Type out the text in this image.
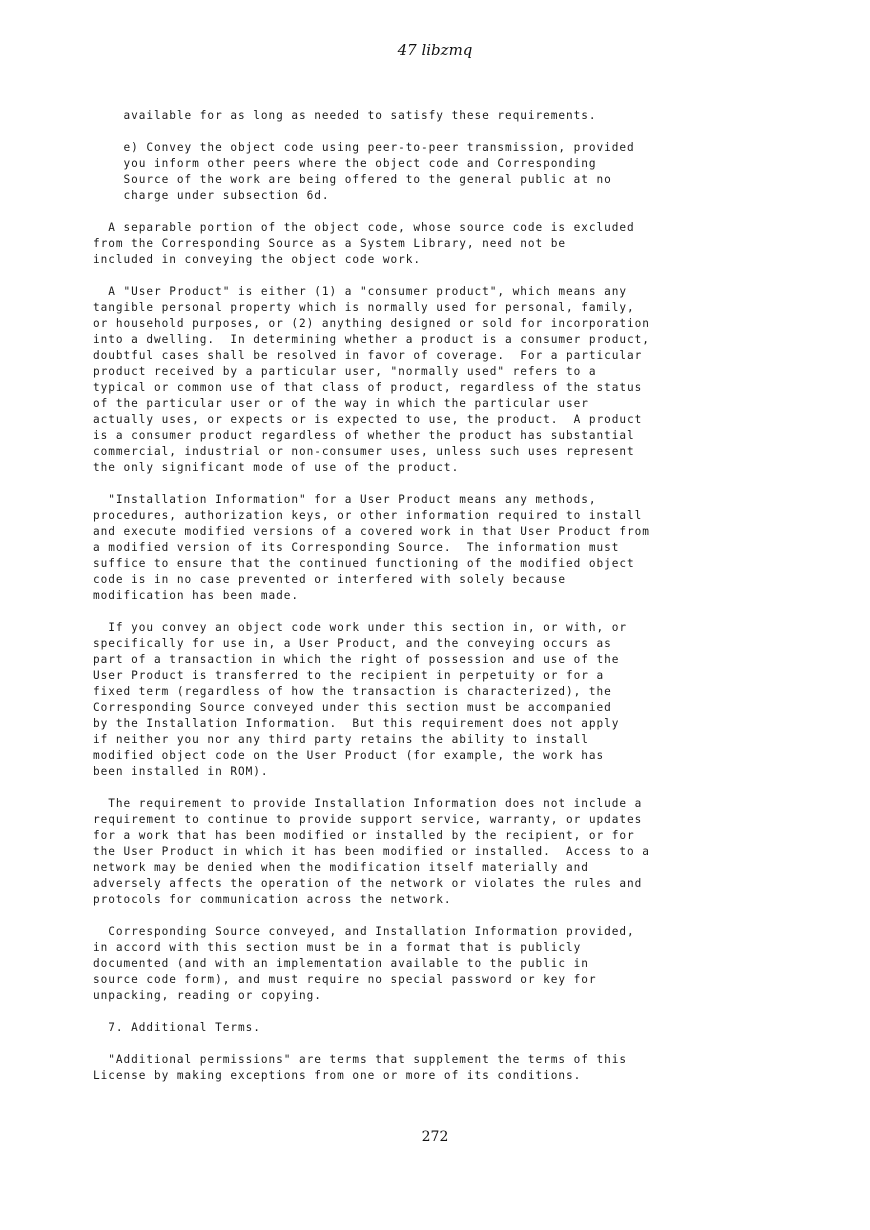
47 libzmq

available for as long as needed to satisfy these requirements.

e) Convey the object code using peer-to-peer transmission, provided
you inform other peers where the object code and Corresponding
Source of the work are being offered to the general public at no
charge under subsection 6d.

A separable portion of the object code, whose source code is excluded
from the Corresponding Source as a System Library, need not be
included in conveying the object code work.

A "User Product" is either (1) a "consumer product", which means any
tangible personal property which is normally used for personal, family,
or household purposes, or (2) anything designed or sold for incorporation
into a dwelling.  In determining whether a product is a consumer product,
doubtful cases shall be resolved in favor of coverage.  For a particular
product received by a particular user, "normally used" refers to a
typical or common use of that class of product, regardless of the status
of the particular user or of the way in which the particular user
actually uses, or expects or is expected to use, the product.  A product
is a consumer product regardless of whether the product has substantial
commercial, industrial or non-consumer uses, unless such uses represent
the only significant mode of use of the product.

"Installation Information" for a User Product means any methods,
procedures, authorization keys, or other information required to install
and execute modified versions of a covered work in that User Product from
a modified version of its Corresponding Source.  The information must
suffice to ensure that the continued functioning of the modified object
code is in no case prevented or interfered with solely because
modification has been made.

If you convey an object code work under this section in, or with, or
specifically for use in, a User Product, and the conveying occurs as
part of a transaction in which the right of possession and use of the
User Product is transferred to the recipient in perpetuity or for a
fixed term (regardless of how the transaction is characterized), the
Corresponding Source conveyed under this section must be accompanied
by the Installation Information.  But this requirement does not apply
if neither you nor any third party retains the ability to install
modified object code on the User Product (for example, the work has
been installed in ROM).

The requirement to provide Installation Information does not include a
requirement to continue to provide support service, warranty, or updates
for a work that has been modified or installed by the recipient, or for
the User Product in which it has been modified or installed.  Access to a
network may be denied when the modification itself materially and
adversely affects the operation of the network or violates the rules and
protocols for communication across the network.

Corresponding Source conveyed, and Installation Information provided,
in accord with this section must be in a format that is publicly
documented (and with an implementation available to the public in
source code form), and must require no special password or key for
unpacking, reading or copying.

7. Additional Terms.

"Additional permissions" are terms that supplement the terms of this
License by making exceptions from one or more of its conditions.

272
